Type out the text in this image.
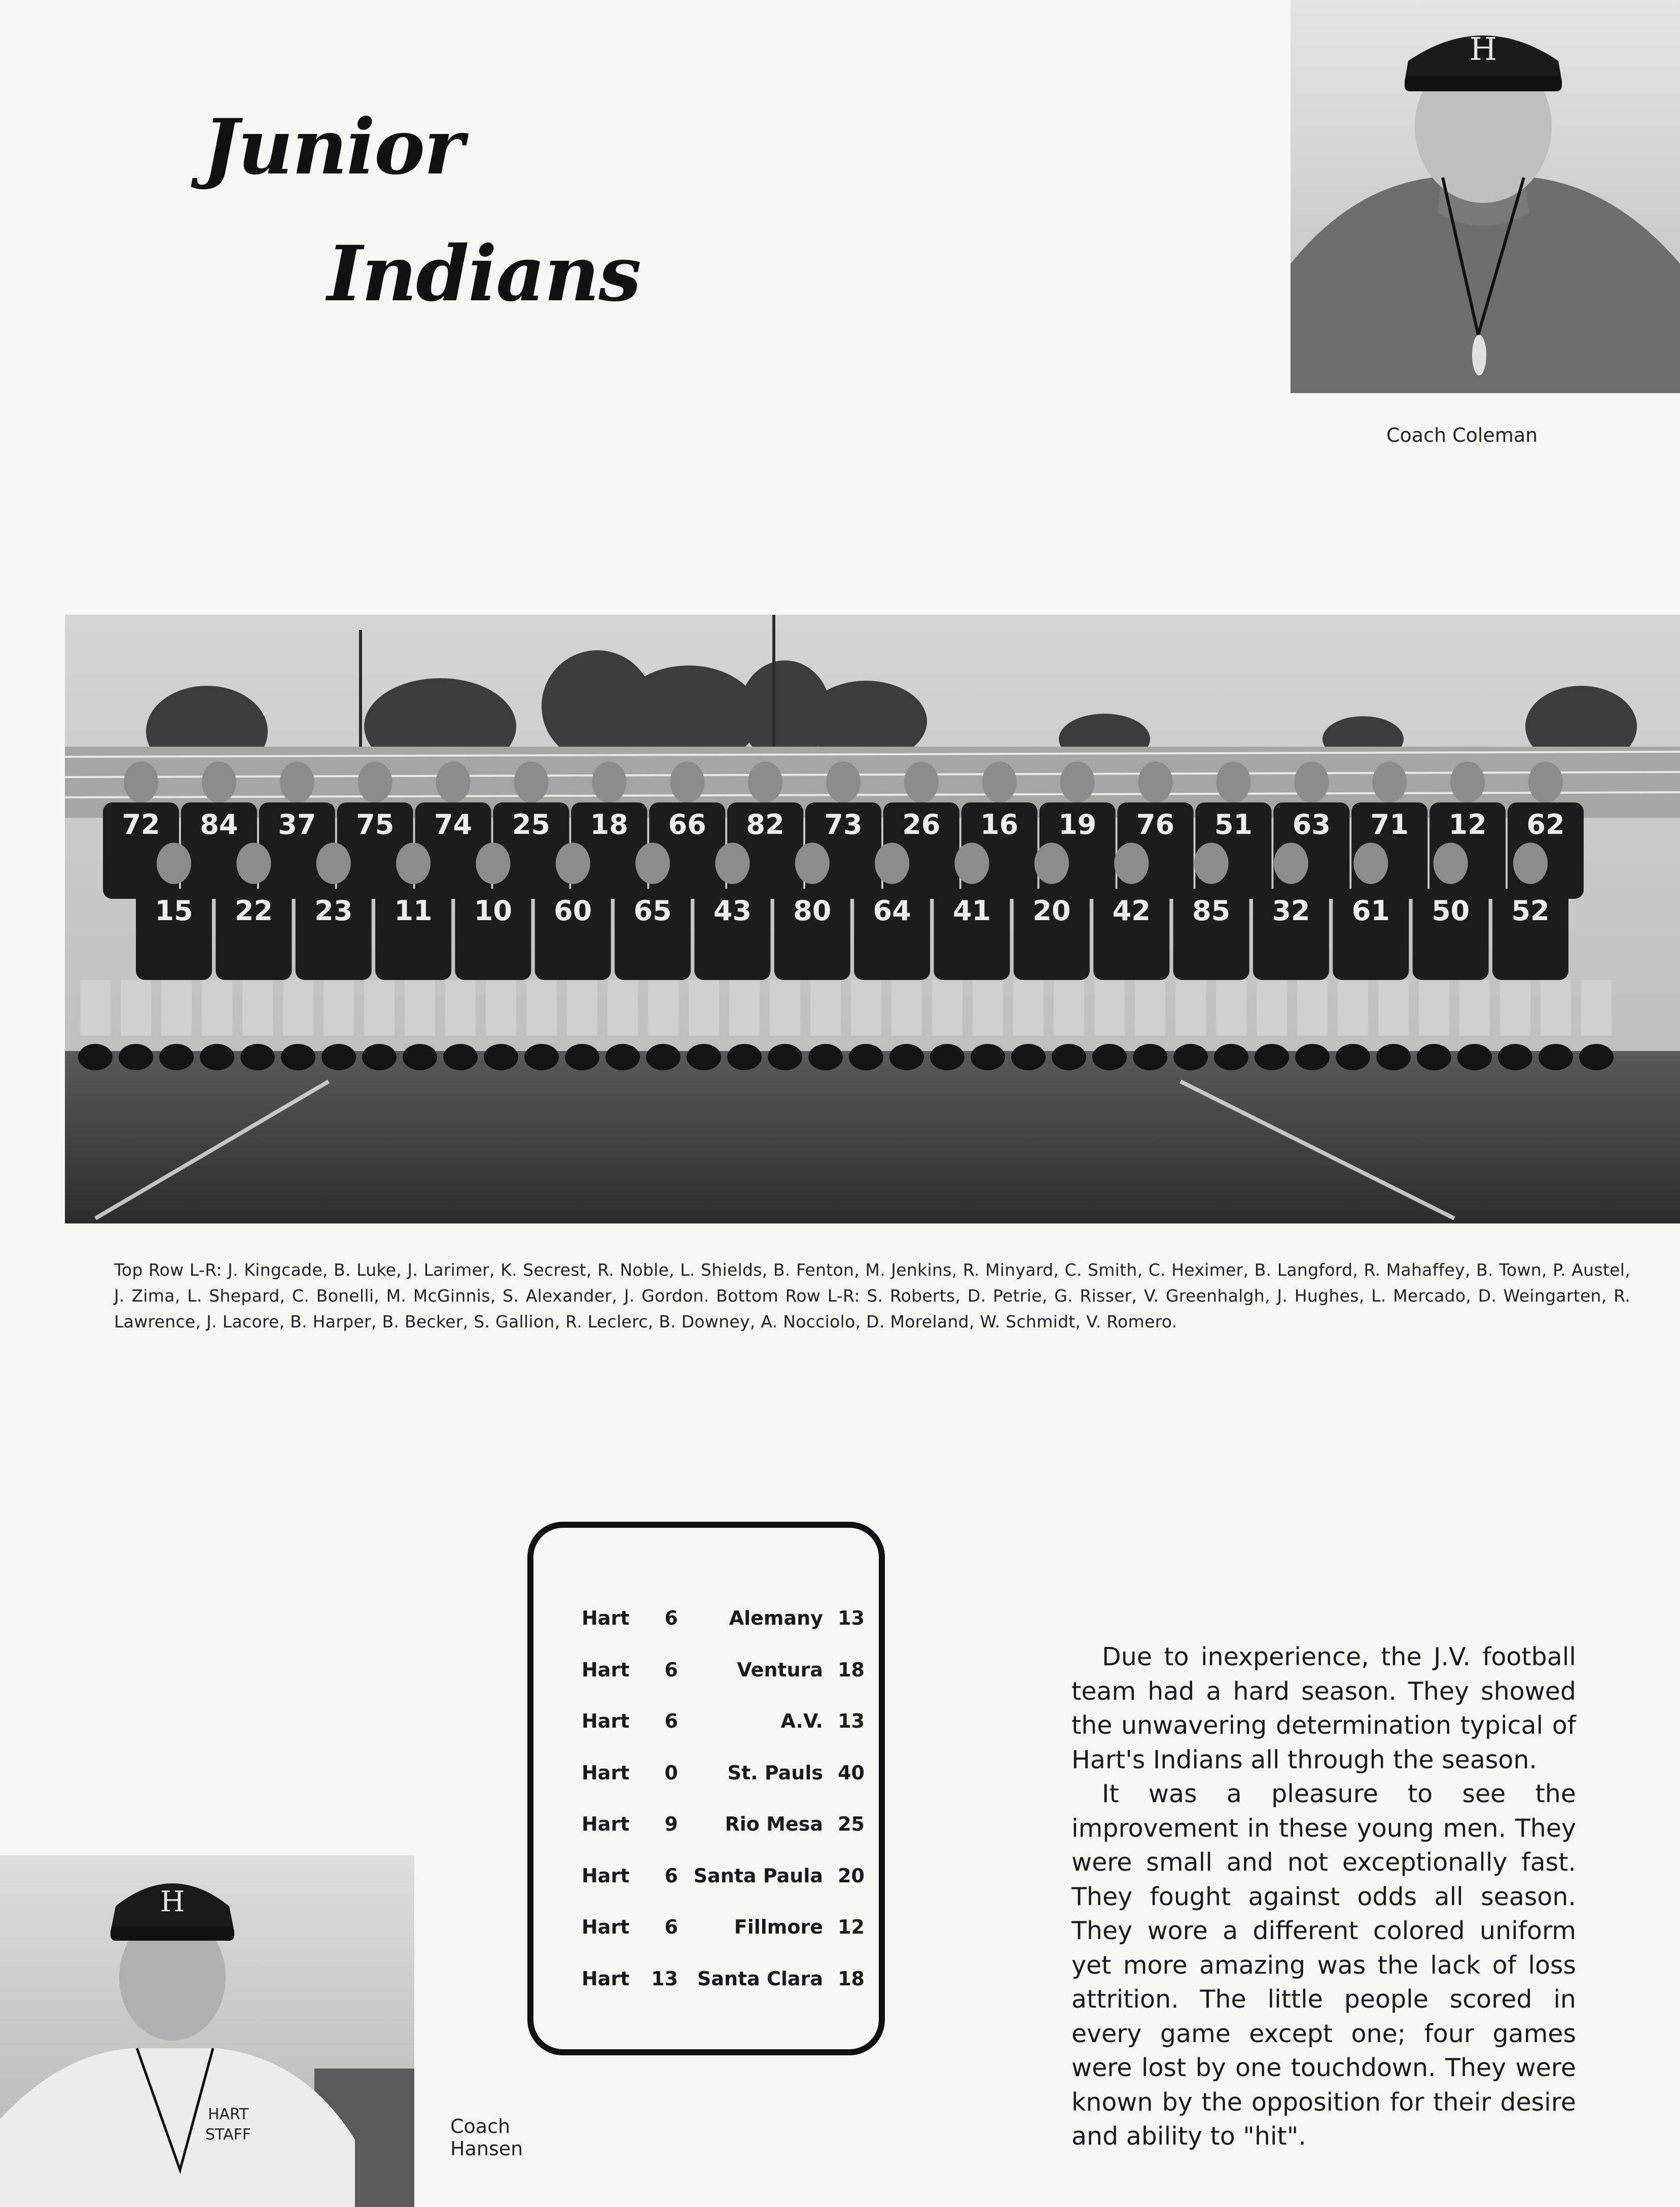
Junior
Indians
H
Coach Coleman
72 84 37 75 74 25 18 66 82 73 26 16 19 76 51 63 71 12 62
15 22 23 11 10 60 65 43 80 64 41 20 42 85 32 61 50 52
Top Row L-R: J. Kingcade, B. Luke, J. Larimer, K. Secrest, R. Noble, L. Shields, B. Fenton, M. Jenkins, R. Minyard, C. Smith, C. Heximer, B. Langford, R. Mahaffey, B. Town, P. Austel, J. Zima, L. Shepard, C. Bonelli, M. McGinnis, S. Alexander, J. Gordon. Bottom Row L-R: S. Roberts, D. Petrie, G. Risser, V. Greenhalgh, J. Hughes, L. Mercado, D. Weingarten, R. Lawrence, J. Lacore, B. Harper, B. Becker, S. Gallion, R. Leclerc, B. Downey, A. Nocciolo, D. Moreland, W. Schmidt, V. Romero.
Hart	6	Alemany 13
Hart	6	Ventura 18
Hart	6	A.V. 13
Hart	0	St. Pauls 40
Hart	9 Rio Mesa 25
Hart	6 Santa Paula 20
Hart	6	Fillmore 12
Hart 13 Santa Clara 18
H
HART
STAFF	Coach
Hansen

Due to inexperience, the J.V. football team had a hard season. They showed the unwavering determination typical of Hart's Indians all through the season.

It was a pleasure to see the improvement in these young men. They were small and not exceptionally fast. They fought against odds all season. They wore a different colored uniform yet more amazing was the lack of loss attrition. The little people scored in every game except one; four games were lost by one touchdown. They were known by the opposition for their desire and ability to "hit".
